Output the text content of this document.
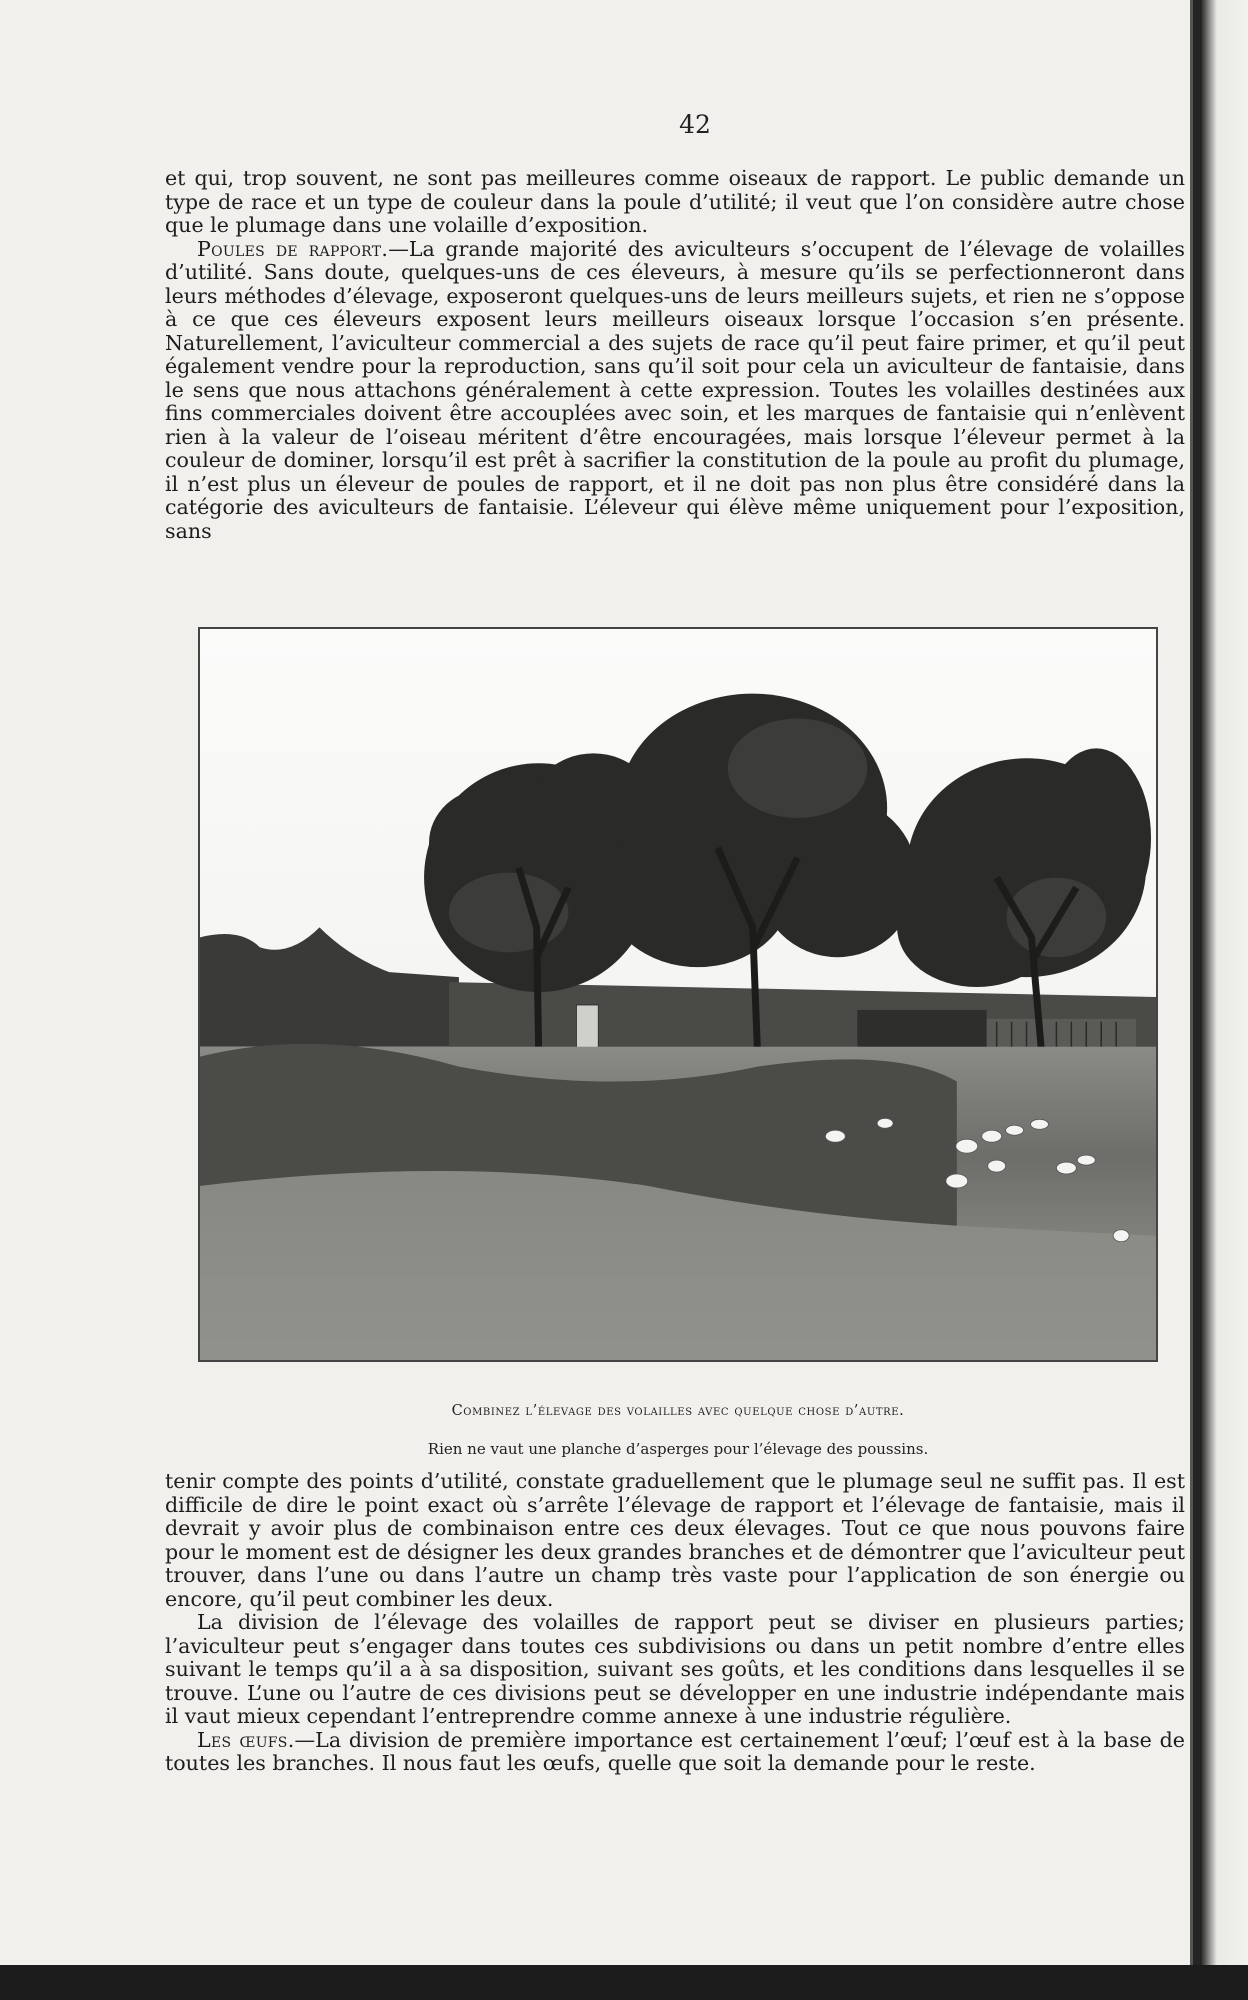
42

et qui, trop souvent, ne sont pas meilleures comme oiseaux de rapport. Le public demande un type de race et un type de couleur dans la poule d’utilité; il veut que l’on considère autre chose que le plumage dans une volaille d’exposition.

Poules de rapport.—La grande majorité des aviculteurs s’occupent de l’élevage de volailles d’utilité. Sans doute, quelques-uns de ces éleveurs, à mesure qu’ils se perfectionneront dans leurs méthodes d’élevage, exposeront quelques-uns de leurs meilleurs sujets, et rien ne s’oppose à ce que ces éleveurs exposent leurs meilleurs oiseaux lorsque l’occasion s’en présente. Naturellement, l’aviculteur commercial a des sujets de race qu’il peut faire primer, et qu’il peut également vendre pour la reproduction, sans qu’il soit pour cela un aviculteur de fantaisie, dans le sens que nous attachons généralement à cette expression. Toutes les volailles destinées aux fins commerciales doivent être accouplées avec soin, et les marques de fantaisie qui n’enlèvent rien à la valeur de l’oiseau méritent d’être encouragées, mais lorsque l’éleveur permet à la couleur de dominer, lorsqu’il est prêt à sacrifier la constitution de la poule au profit du plumage, il n’est plus un éleveur de poules de rapport, et il ne doit pas non plus être considéré dans la catégorie des aviculteurs de fantaisie. L’éleveur qui élève même uniquement pour l’exposition, sans

Combinez l’élevage des volailles avec quelque chose d’autre.
Rien ne vaut une planche d’asperges pour l’élevage des poussins.

tenir compte des points d’utilité, constate graduellement que le plumage seul ne suffit pas. Il est difficile de dire le point exact où s’arrête l’élevage de rapport et l’élevage de fantaisie, mais il devrait y avoir plus de combinaison entre ces deux élevages. Tout ce que nous pouvons faire pour le moment est de désigner les deux grandes branches et de démontrer que l’aviculteur peut trouver, dans l’une ou dans l’autre un champ très vaste pour l’application de son énergie ou encore, qu’il peut combiner les deux.

La division de l’élevage des volailles de rapport peut se diviser en plusieurs parties; l’aviculteur peut s’engager dans toutes ces subdivisions ou dans un petit nombre d’entre elles suivant le temps qu’il a à sa disposition, suivant ses goûts, et les conditions dans lesquelles il se trouve. L’une ou l’autre de ces divisions peut se développer en une industrie indépendante mais il vaut mieux cependant l’entreprendre comme annexe à une industrie régulière.

Les œufs.—La division de première importance est certainement l’œuf; l’œuf est à la base de toutes les branches. Il nous faut les œufs, quelle que soit la demande pour le reste.
